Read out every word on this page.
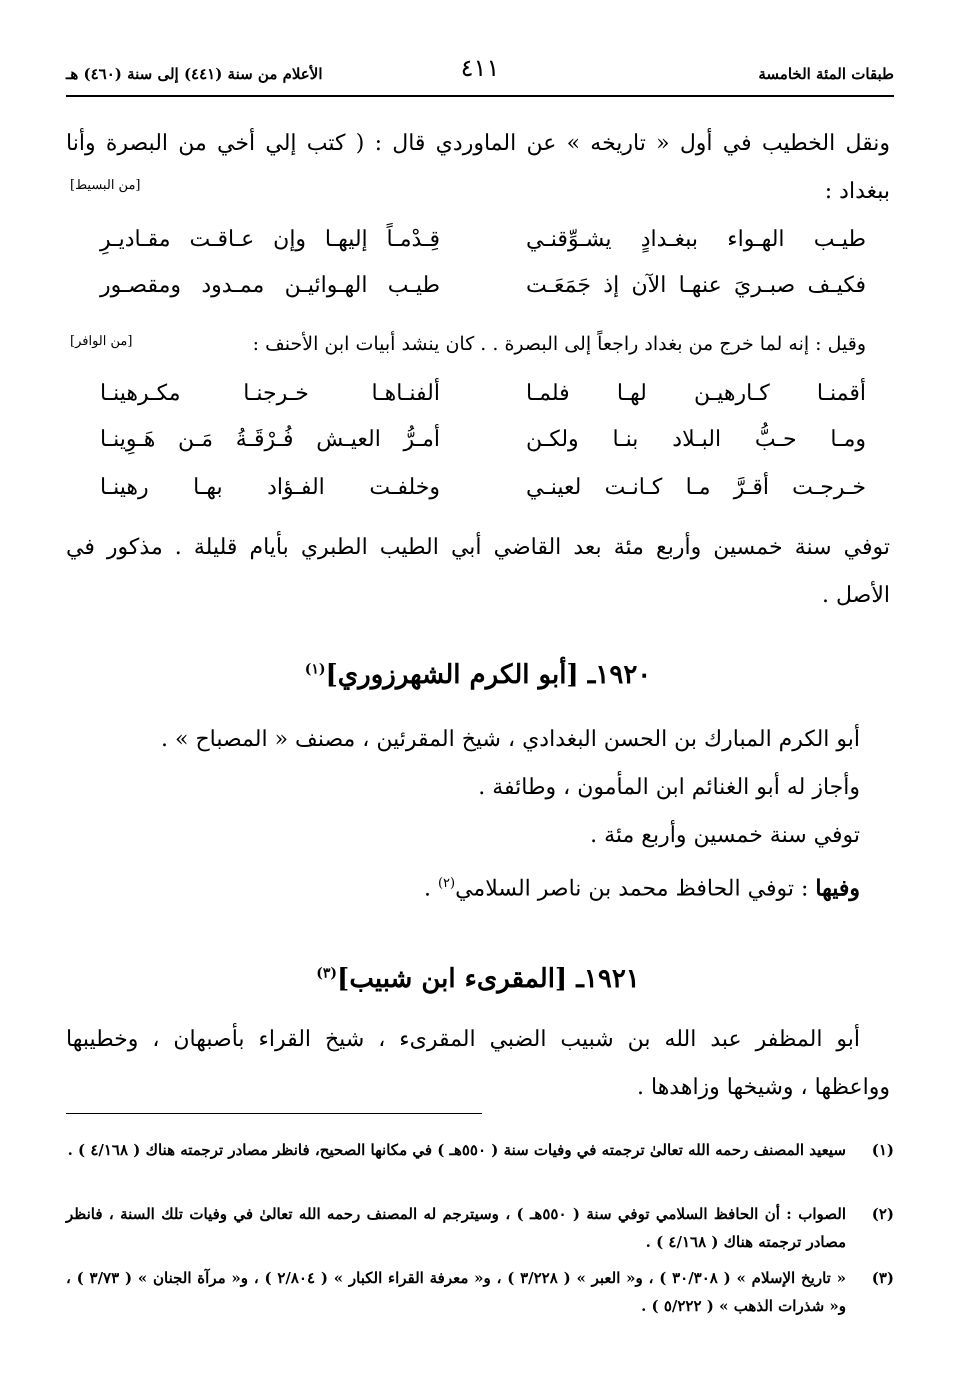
طبقات المئة الخامسة
٤١١
الأعلام من سنة (٤٤١) إلى سنة (٤٦٠) هـ
ونقل الخطيب في أول « تاريخه » عن الماوردي قال : ( كتب إلي أخي من البصرة وأنا
ببغداد :
[من البسيط]
طيـب الهـواء ببغـدادٍ يشـوِّقنـي
قِـدْمـاً إليهـا وإن عـاقـت مقـاديـرِ
فكيـف صبـريَ عنهـا الآن إذ جَمَعَـت
طيـب الهـوائيـن ممـدود ومقصـور
وقيل : إنه لما خرج من بغداد راجعاً إلى البصرة . . كان ينشد أبيات ابن الأحنف :
[من الوافر]
أقمنـا كـارهيـن لهـا فلمـا
ألفنـاهـا خـرجنـا مكـرهينـا
ومـا حـبُّ البـلاد بنـا ولكـن
أمـرُّ العيـش فُـرْقَـةُ مَـن هَـوِينـا
خـرجـت أقـرَّ مـا كـانـت لعينـي
وخلفـت الفـؤاد بهـا رهينـا
توفي سنة خمسين وأربع مئة بعد القاضي أبي الطيب الطبري بأيام قليلة . مذكور في
الأصل .
١٩٢٠ـ [أبو الكرم الشهرزوري]$^{(١)}$
أبو الكرم المبارك بن الحسن البغدادي ، شيخ المقرئين ، مصنف « المصباح » .
وأجاز له أبو الغنائم ابن المأمون ، وطائفة .
توفي سنة خمسين وأربع مئة .
وفيها : توفي الحافظ محمد بن ناصر السلامي$^{(٢)}$ .
١٩٢١ـ [المقرىء ابن شبيب]$^{(٣)}$
أبو المظفر عبد الله بن شبيب الضبي المقرىء ، شيخ القراء بأصبهان ، وخطيبها
وواعظها ، وشيخها وزاهدها .
(١)
سيعيد المصنف رحمه الله تعالىٰ ترجمته في وفيات سنة ( ٥٥٠هـ ) في مكانها الصحيح، فانظر مصادر ترجمته هناك ( ٤/١٦٨ ) .
(٢)
الصواب : أن الحافظ السلامي توفي سنة ( ٥٥٠هـ ) ، وسيترجم له المصنف رحمه الله تعالىٰ في وفيات تلك السنة ، فانظر مصادر ترجمته هناك ( ٤/١٦٨ ) .
(٣)
« تاريخ الإسلام » ( ٣٠/٣٠٨ ) ، و« العبر » ( ٣/٢٢٨ ) ، و« معرفة القراء الكبار » ( ٢/٨٠٤ ) ، و« مرآة الجنان » ( ٣/٧٣ ) ، و« شذرات الذهب » ( ٥/٢٢٢ ) .
